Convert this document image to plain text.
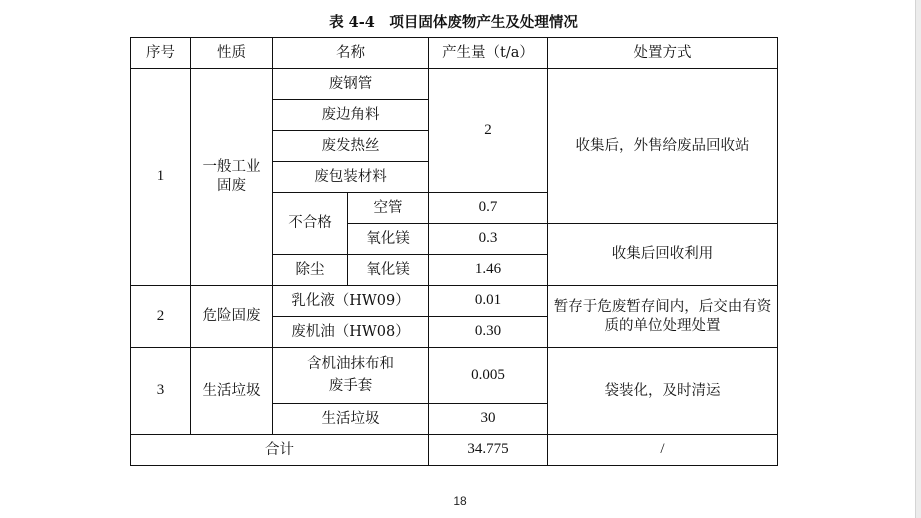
表 4-4　项目固体废物产生及处理情况
序号	性质	名称		产生量（t/a）	处置方式
1	一般工业固废	废钢管		2	收集后，外售给废品回收站
		废边角料			
		废发热丝			
		废包装材料			
		不合格	空管	0.7	
			氧化镁	0.3	收集后回收利用
		除尘	氧化镁	1.46	
2	危险固废	乳化液（HW09）		0.01	暂存于危废暂存间内，后交由有资质的单位处理处置

		废机油（HW08）		0.30	
3	生活垃圾	含机油抹布和废手套		0.005	袋装化，及时清运
		生活垃圾		30	
合计				34.775	/
18
